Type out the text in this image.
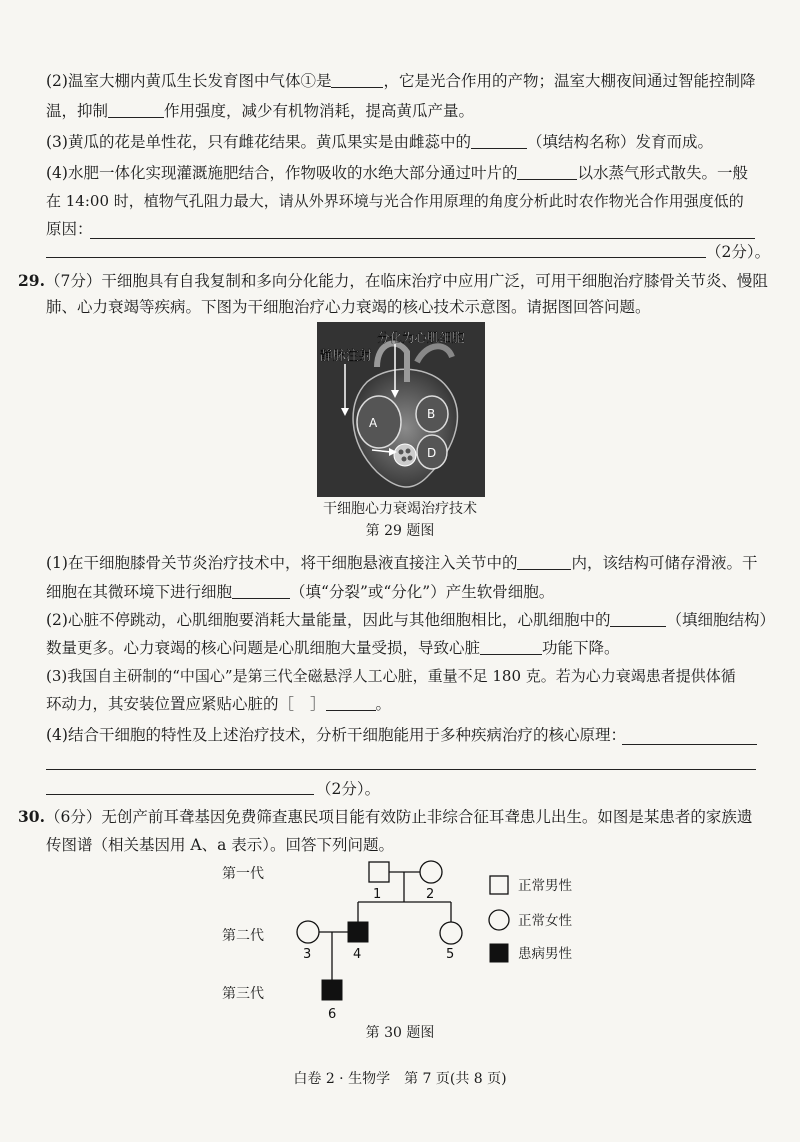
(2)温室大棚内黄瓜生长发育图中气体①是	，它是光合作用的产物；温室大棚夜间通过智能控制降
温，抑制	作用强度，减少有机物消耗，提高黄瓜产量。
(3)黄瓜的花是单性花，只有雌花结果。黄瓜果实是由雌蕊中的	（填结构名称）发育而成。
(4)水肥一体化实现灌溉施肥结合，作物吸收的水绝大部分通过叶片的	以水蒸气形式散失。一般
在 14:00 时，植物气孔阻力最大，请从外界环境与光合作用原理的角度分析此时农作物光合作用强度低的
原因：
（2分）。
29.（7分）干细胞具有自我复制和多向分化能力，在临床治疗中应用广泛，可用干细胞治疗膝骨关节炎、慢阻
肺、心力衰竭等疾病。下图为干细胞治疗心力衰竭的核心技术示意图。请据图回答问题。
静脉注射
分化为心肌细胞
A
B
D
干细胞心力衰竭治疗技术
第 29 题图
(1)在干细胞膝骨关节炎治疗技术中，将干细胞悬液直接注入关节中的	内，该结构可储存滑液。干
细胞在其微环境下进行细胞	（填“分裂”或“分化”）产生软骨细胞。
(2)心脏不停跳动，心肌细胞要消耗大量能量，因此与其他细胞相比，心肌细胞中的	（填细胞结构）
数量更多。心力衰竭的核心问题是心肌细胞大量受损，导致心脏	功能下降。
(3)我国自主研制的“中国心”是第三代全磁悬浮人工心脏，重量不足 180 克。若为心力衰竭患者提供体循
环动力，其安装位置应紧贴心脏的［ ］	。
(4)结合干细胞的特性及上述治疗技术，分析干细胞能用于多种疾病治疗的核心原理：
（2分）。
30.（6分）无创产前耳聋基因免费筛查惠民项目能有效防止非综合征耳聋患儿出生。如图是某患者的家族遗
传图谱（相关基因用 A、a 表示）。回答下列问题。
第一代
第二代
第三代
1	2
3	4	5
6
正常男性
正常女性
患病男性
第 30 题图
白卷 2 · 生物学　第 7 页(共 8 页)
